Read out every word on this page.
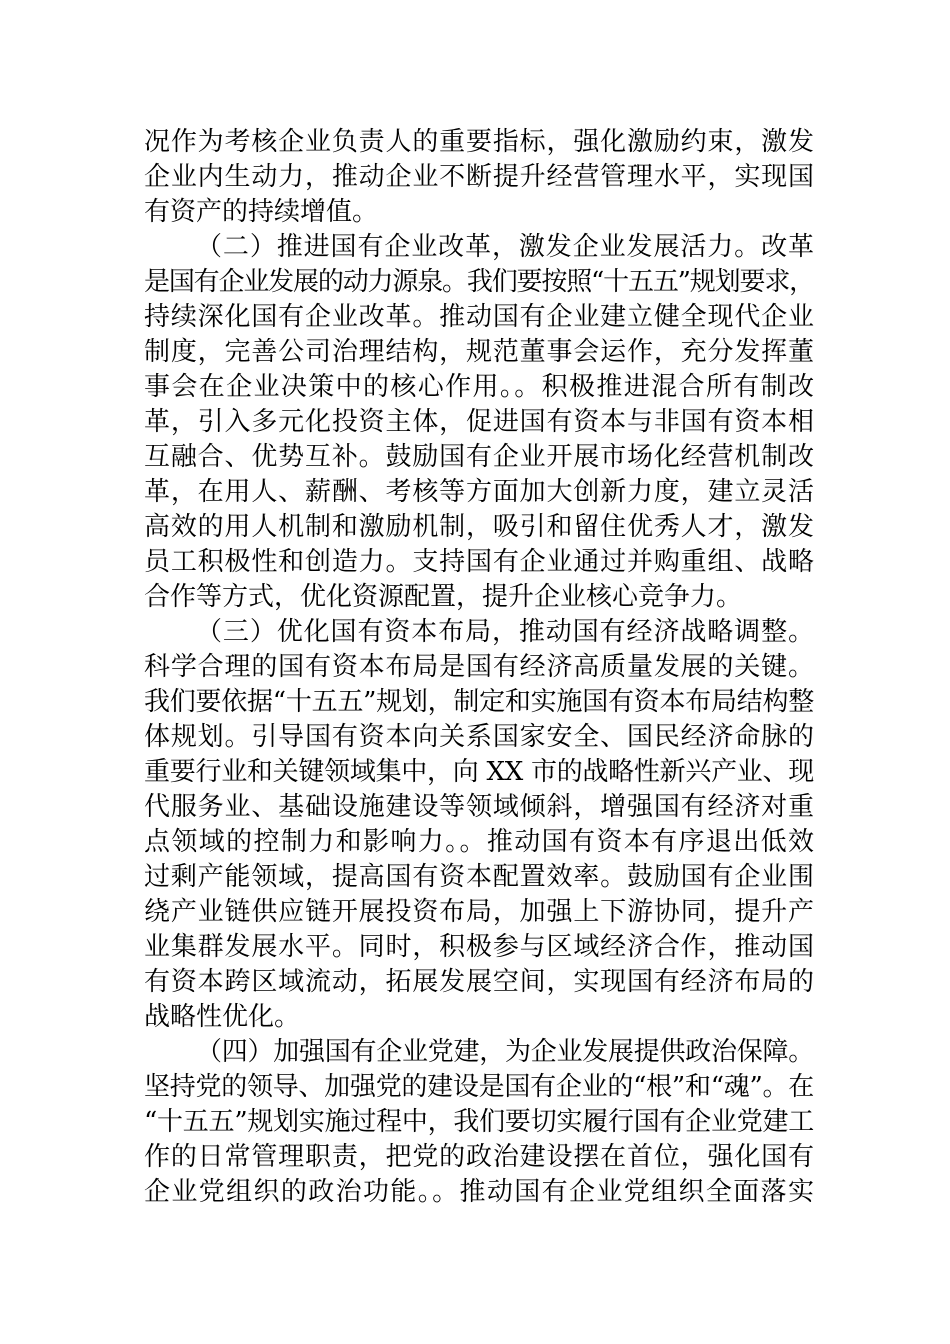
况作为考核企业负责人的重要指标，强化激励约束，激发
企业内生动力，推动企业不断提升经营管理水平，实现国
有资产的持续增值。
（二）推进国有企业改革，激发企业发展活力。改革
是国有企业发展的动力源泉。我们要按照“十五五”规划要求，
持续深化国有企业改革。推动国有企业建立健全现代企业
制度，完善公司治理结构，规范董事会运作，充分发挥董
事会在企业决策中的核心作用。。积极推进混合所有制改
革，引入多元化投资主体，促进国有资本与非国有资本相
互融合、优势互补。鼓励国有企业开展市场化经营机制改
革，在用人、薪酬、考核等方面加大创新力度，建立灵活
高效的用人机制和激励机制，吸引和留住优秀人才，激发
员工积极性和创造力。支持国有企业通过并购重组、战略
合作等方式，优化资源配置，提升企业核心竞争力。
（三）优化国有资本布局，推动国有经济战略调整。
科学合理的国有资本布局是国有经济高质量发展的关键。
我们要依据“十五五”规划，制定和实施国有资本布局结构整
体规划。引导国有资本向关系国家安全、国民经济命脉的
重要行业和关键领域集中，向 XX 市的战略性新兴产业、现
代服务业、基础设施建设等领域倾斜，增强国有经济对重
点领域的控制力和影响力。。推动国有资本有序退出低效
过剩产能领域，提高国有资本配置效率。鼓励国有企业围
绕产业链供应链开展投资布局，加强上下游协同，提升产
业集群发展水平。同时，积极参与区域经济合作，推动国
有资本跨区域流动，拓展发展空间，实现国有经济布局的
战略性优化。
（四）加强国有企业党建，为企业发展提供政治保障。
坚持党的领导、加强党的建设是国有企业的“根”和“魂”。在
“十五五”规划实施过程中，我们要切实履行国有企业党建工
作的日常管理职责，把党的政治建设摆在首位，强化国有
企业党组织的政治功能。。推动国有企业党组织全面落实
